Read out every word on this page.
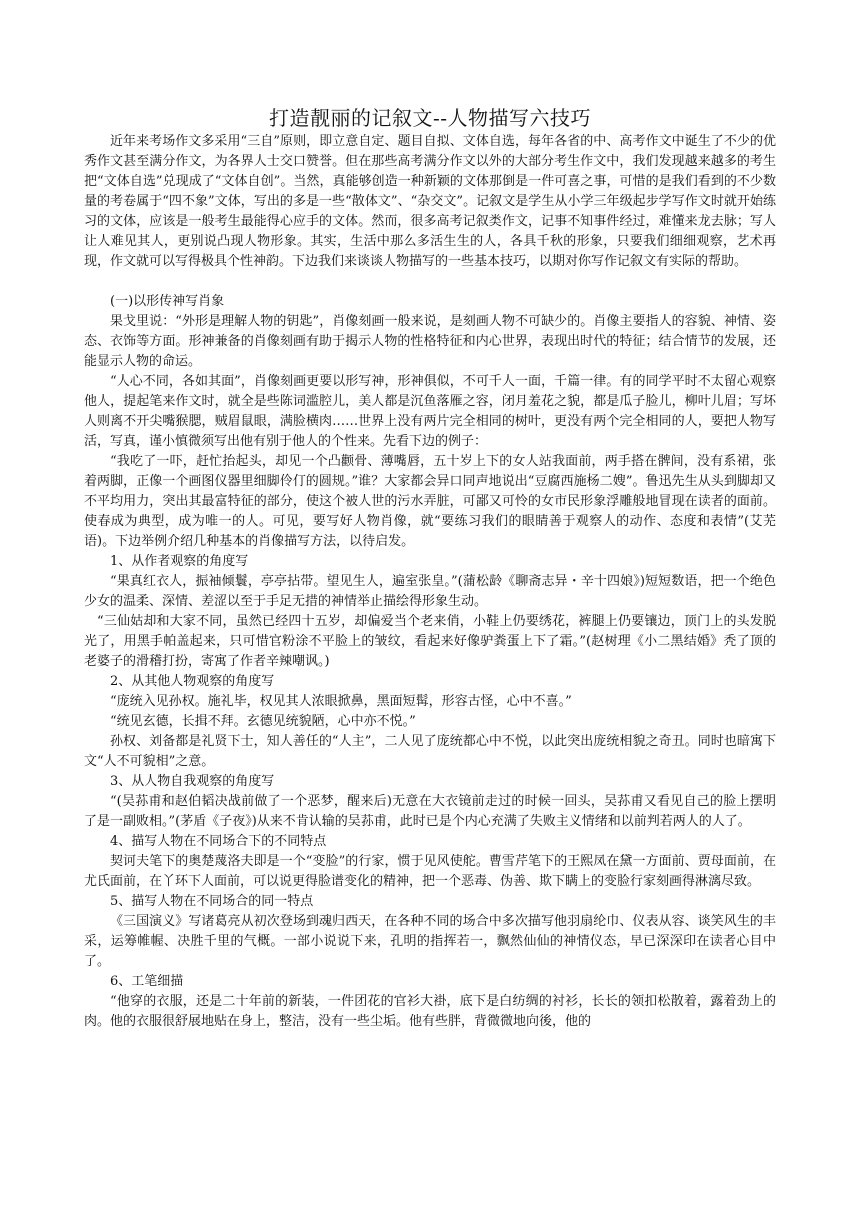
打造靓丽的记叙文--人物描写六技巧

近年来考场作文多采用“三自”原则，即立意自定、题目自拟、文体自选，每年各省的中、高考作文中诞生了不少的优秀作文甚至满分作文，为各界人士交口赞誉。但在那些高考满分作文以外的大部分考生作文中，我们发现越来越多的考生把“文体自选”兑现成了“文体自创”。当然，真能够创造一种新颖的文体那倒是一件可喜之事，可惜的是我们看到的不少数量的考卷属于“四不象”文体，写出的多是一些“散体文”、“杂交文”。记叙文是学生从小学三年级起步学写作文时就开始练习的文体，应该是一般考生最能得心应手的文体。然而，很多高考记叙类作文，记事不知事件经过，难懂来龙去脉；写人让人难见其人，更别说凸现人物形象。其实，生活中那么多活生生的人，各具千秋的形象，只要我们细细观察，艺术再现，作文就可以写得极具个性神韵。下边我们来谈谈人物描写的一些基本技巧，以期对你写作记叙文有实际的帮助。

(一)以形传神写肖象

果戈里说：“外形是理解人物的钥匙”，肖像刻画一般来说，是刻画人物不可缺少的。肖像主要指人的容貌、神情、姿态、衣饰等方面。形神兼备的肖像刻画有助于揭示人物的性格特征和内心世界，表现出时代的特征；结合情节的发展，还能显示人物的命运。

“人心不同，各如其面”，肖像刻画更要以形写神，形神俱似，不可千人一面，千篇一律。有的同学平时不太留心观察他人，提起笔来作文时，就全是些陈词滥腔儿，美人都是沉鱼落雁之容，闭月羞花之貌，都是瓜子脸儿，柳叶儿眉；写坏人则离不开尖嘴猴腮，贼眉鼠眼，满脸横肉……世界上没有两片完全相同的树叶，更没有两个完全相同的人，要把人物写活，写真，谨小慎微须写出他有别于他人的个性来。先看下边的例子：

“我吃了一吓，赶忙抬起头，却见一个凸颧骨、薄嘴唇，五十岁上下的女人站我面前，两手搭在髀间，没有系裙，张着两脚，正像一个画图仪器里细脚伶仃的圆规。”谁？大家都会异口同声地说出“豆腐西施杨二嫂”。鲁迅先生从头到脚却又不平均用力，突出其最富特征的部分，使这个被人世的污水弄脏，可鄙又可怜的女市民形象浮雕般地冒现在读者的面前。使春成为典型，成为唯一的人。可见，要写好人物肖像，就“要练习我们的眼睛善于观察人的动作、态度和表情”(艾芜语)。下边举例介绍几种基本的肖像描写方法，以待启发。

1、从作者观察的角度写

“果真红衣人，振袖倾鬟，亭亭拈带。望见生人，遍室张皇。”(蒲松龄《聊斋志异・辛十四娘》)短短数语，把一个绝色少女的温柔、深情、差涩以至于手足无措的神情举止描绘得形象生动。

“三仙姑却和大家不同，虽然已经四十五岁，却偏爱当个老来俏，小鞋上仍要绣花，裤腿上仍要镶边，顶门上的头发脱光了，用黑手帕盖起来，只可惜官粉涂不平脸上的皱纹，看起来好像驴粪蛋上下了霜。”(赵树理《小二黑结婚》秃了顶的老婆子的滑稽打扮，寄寓了作者辛辣嘲讽。)

2、从其他人物观察的角度写

“庞统入见孙权。施礼毕，权见其人浓眼掀鼻，黑面短髯，形容古怪，心中不喜。”

“统见玄德，长揖不拜。玄德见统貌陋，心中亦不悦。”

孙权、刘备都是礼贤下士，知人善任的“人主”，二人见了庞统都心中不悦，以此突出庞统相貌之奇丑。同时也暗寓下文“人不可貌相”之意。

3、从人物自我观察的角度写

“(吴荪甫和赵伯韬决战前做了一个恶梦，醒来后)无意在大衣镜前走过的时候一回头，吴荪甫又看见自己的脸上摆明了是一副败相。”(茅盾《子夜》)从来不肯认输的吴荪甫，此时已是个内心充满了失败主义情绪和以前判若两人的人了。

4、描写人物在不同场合下的不同特点

契诃夫笔下的奥楚蔑洛夫即是一个“变脸”的行家，惯于见风使舵。曹雪芹笔下的王熙凤在黛一方面前、贾母面前，在尤氏面前，在丫环下人面前，可以说更得脸谱变化的精神，把一个恶毒、伪善、欺下瞒上的变脸行家刻画得淋漓尽致。

5、描写人物在不同场合的同一特点

《三国演义》写诸葛亮从初次登场到魂归西天，在各种不同的场合中多次描写他羽扇纶巾、仪表从容、谈笑风生的丰采，运筹帷幄、决胜千里的气概。一部小说说下来，孔明的指挥若一，飘然仙仙的神情仪态，早已深深印在读者心目中了。

6、工笔细描

“他穿的衣服，还是二十年前的新装，一件团花的官衫大褂，底下是白纺绸的衬衫，长长的领扣松散着，露着劲上的肉。他的衣服很舒展地贴在身上，整洁，没有一些尘垢。他有些胖，背微微地向後，他的
